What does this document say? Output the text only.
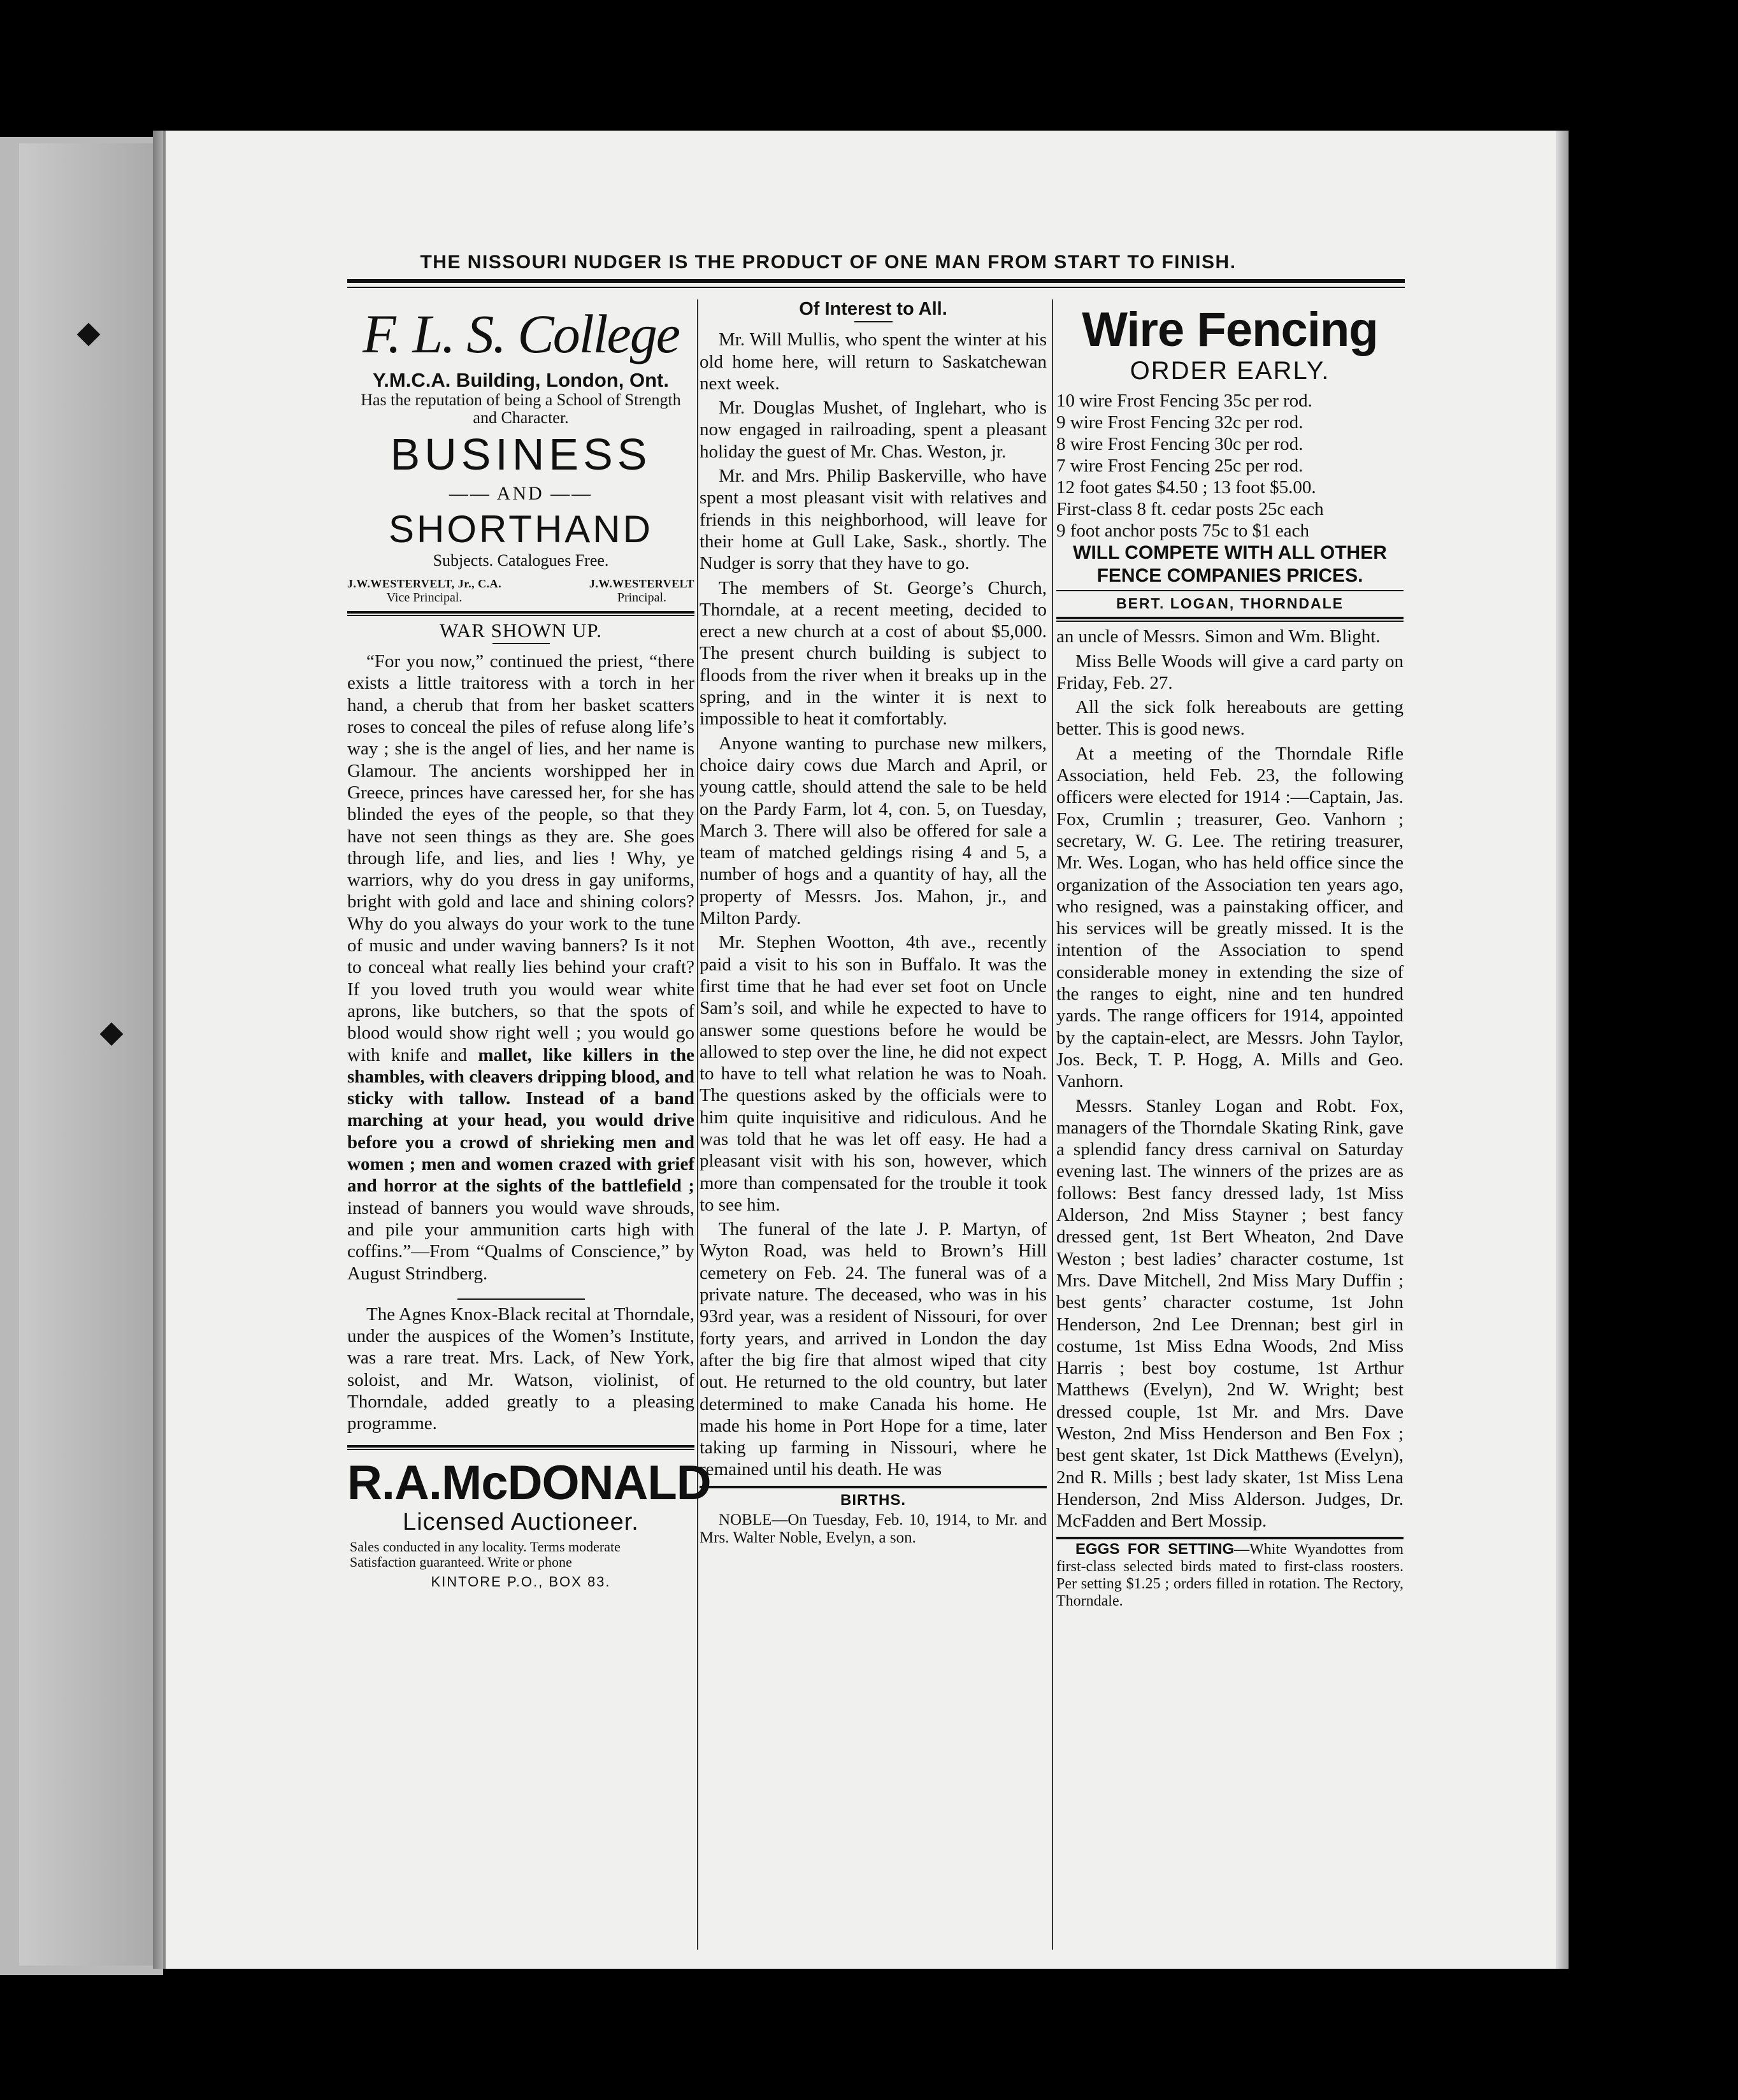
THE NISSOURI NUDGER IS THE PRODUCT OF ONE MAN FROM START TO FINISH.
F. L. S. College
Y.M.C.A. Building, London, Ont.
Has the reputation of being a School of Strength and Character.
BUSINESS
—— AND ——
SHORTHAND
Subjects. Catalogues Free.
J.W.WESTERVELT, Jr., C.A.
Vice Principal.
J.W.WESTERVELT
Principal.
WAR SHOWN UP.

“For you now,” continued the priest, “there exists a little traitoress with a torch in her hand, a cherub that from her basket scatters roses to conceal the piles of refuse along life’s way ; she is the angel of lies, and her name is Glamour. The ancients worshipped her in Greece, princes have caressed her, for she has blinded the eyes of the people, so that they have not seen things as they are. She goes through life, and lies, and lies ! Why, ye warriors, why do you dress in gay uniforms, bright with gold and lace and shining colors? Why do you always do your work to the tune of music and under waving banners? Is it not to conceal what really lies behind your craft? If you loved truth you would wear white aprons, like butchers, so that the spots of blood would show right well ; you would go with knife and mallet, like killers in the shambles, with cleavers dripping blood, and sticky with tallow. Instead of a band marching at your head, you would drive before you a crowd of shrieking men and women ; men and women crazed with grief and horror at the sights of the battlefield ; instead of banners you would wave shrouds, and pile your ammunition carts high with coffins.”—From “Qualms of Conscience,” by August Strindberg.

The Agnes Knox-Black recital at Thorndale, under the auspices of the Women’s Institute, was a rare treat. Mrs. Lack, of New York, soloist, and Mr. Watson, violinist, of Thorndale, added greatly to a pleasing programme.

R.A.McDONALD
Licensed Auctioneer.
Sales conducted in any locality. Terms moderate
Satisfaction guaranteed. Write or phone
KINTORE P.O., BOX 83.
Of Interest to All.

Mr. Will Mullis, who spent the winter at his old home here, will return to Saskatchewan next week.

Mr. Douglas Mushet, of Inglehart, who is now engaged in railroading, spent a pleasant holiday the guest of Mr. Chas. Weston, jr.

Mr. and Mrs. Philip Baskerville, who have spent a most pleasant visit with relatives and friends in this neighborhood, will leave for their home at Gull Lake, Sask., shortly. The Nudger is sorry that they have to go.

The members of St. George’s Church, Thorndale, at a recent meeting, decided to erect a new church at a cost of about $5,000. The present church building is subject to floods from the river when it breaks up in the spring, and in the winter it is next to impossible to heat it comfortably.

Anyone wanting to purchase new milkers, choice dairy cows due March and April, or young cattle, should attend the sale to be held on the Pardy Farm, lot 4, con. 5, on Tuesday, March 3. There will also be offered for sale a team of matched geldings rising 4 and 5, a number of hogs and a quantity of hay, all the property of Messrs. Jos. Mahon, jr., and Milton Pardy.

Mr. Stephen Wootton, 4th ave., recently paid a visit to his son in Buffalo. It was the first time that he had ever set foot on Uncle Sam’s soil, and while he expected to have to answer some questions before he would be allowed to step over the line, he did not expect to have to tell what relation he was to Noah. The questions asked by the officials were to him quite inquisitive and ridiculous. And he was told that he was let off easy. He had a pleasant visit with his son, however, which more than compensated for the trouble it took to see him.

The funeral of the late J. P. Martyn, of Wyton Road, was held to Brown’s Hill cemetery on Feb. 24. The funeral was of a private nature. The deceased, who was in his 93rd year, was a resident of Nissouri, for over forty years, and arrived in London the day after the big fire that almost wiped that city out. He returned to the old country, but later determined to make Canada his home. He made his home in Port Hope for a time, later taking up farming in Nissouri, where he remained until his death. He was

BIRTHS.

NOBLE—On Tuesday, Feb. 10, 1914, to Mr. and Mrs. Walter Noble, Evelyn, a son.

Wire Fencing
ORDER EARLY.
10 wire Frost Fencing 35c per rod.
9 wire Frost Fencing 32c per rod.
8 wire Frost Fencing 30c per rod.
7 wire Frost Fencing 25c per rod.
12 foot gates $4.50 ; 13 foot $5.00.
First-class 8 ft. cedar posts 25c each
9 foot anchor posts 75c to $1 each
WILL COMPETE WITH ALL OTHER FENCE COMPANIES PRICES.
BERT. LOGAN, THORNDALE

an uncle of Messrs. Simon and Wm. Blight.

Miss Belle Woods will give a card party on Friday, Feb. 27.

All the sick folk hereabouts are getting better. This is good news.

At a meeting of the Thorndale Rifle Association, held Feb. 23, the following officers were elected for 1914 :—Captain, Jas. Fox, Crumlin ; treasurer, Geo. Vanhorn ; secretary, W. G. Lee. The retiring treasurer, Mr. Wes. Logan, who has held office since the organization of the Association ten years ago, who resigned, was a painstaking officer, and his services will be greatly missed. It is the intention of the Association to spend considerable money in extending the size of the ranges to eight, nine and ten hundred yards. The range officers for 1914, appointed by the captain-elect, are Messrs. John Taylor, Jos. Beck, T. P. Hogg, A. Mills and Geo. Vanhorn.

Messrs. Stanley Logan and Robt. Fox, managers of the Thorndale Skating Rink, gave a splendid fancy dress carnival on Saturday evening last. The winners of the prizes are as follows: Best fancy dressed lady, 1st Miss Alderson, 2nd Miss Stayner ; best fancy dressed gent, 1st Bert Wheaton, 2nd Dave Weston ; best ladies’ character costume, 1st Mrs. Dave Mitchell, 2nd Miss Mary Duffin ; best gents’ character costume, 1st John Henderson, 2nd Lee Drennan; best girl in costume, 1st Miss Edna Woods, 2nd Miss Harris ; best boy costume, 1st Arthur Matthews (Evelyn), 2nd W. Wright; best dressed couple, 1st Mr. and Mrs. Dave Weston, 2nd Miss Henderson and Ben Fox ; best gent skater, 1st Dick Matthews (Evelyn), 2nd R. Mills ; best lady skater, 1st Miss Lena Henderson, 2nd Miss Alderson. Judges, Dr. McFadden and Bert Mossip.

EGGS FOR SETTING—White Wyandottes from first-class selected birds mated to first-class roosters. Per setting $1.25 ; orders filled in rotation. The Rectory, Thorndale.
